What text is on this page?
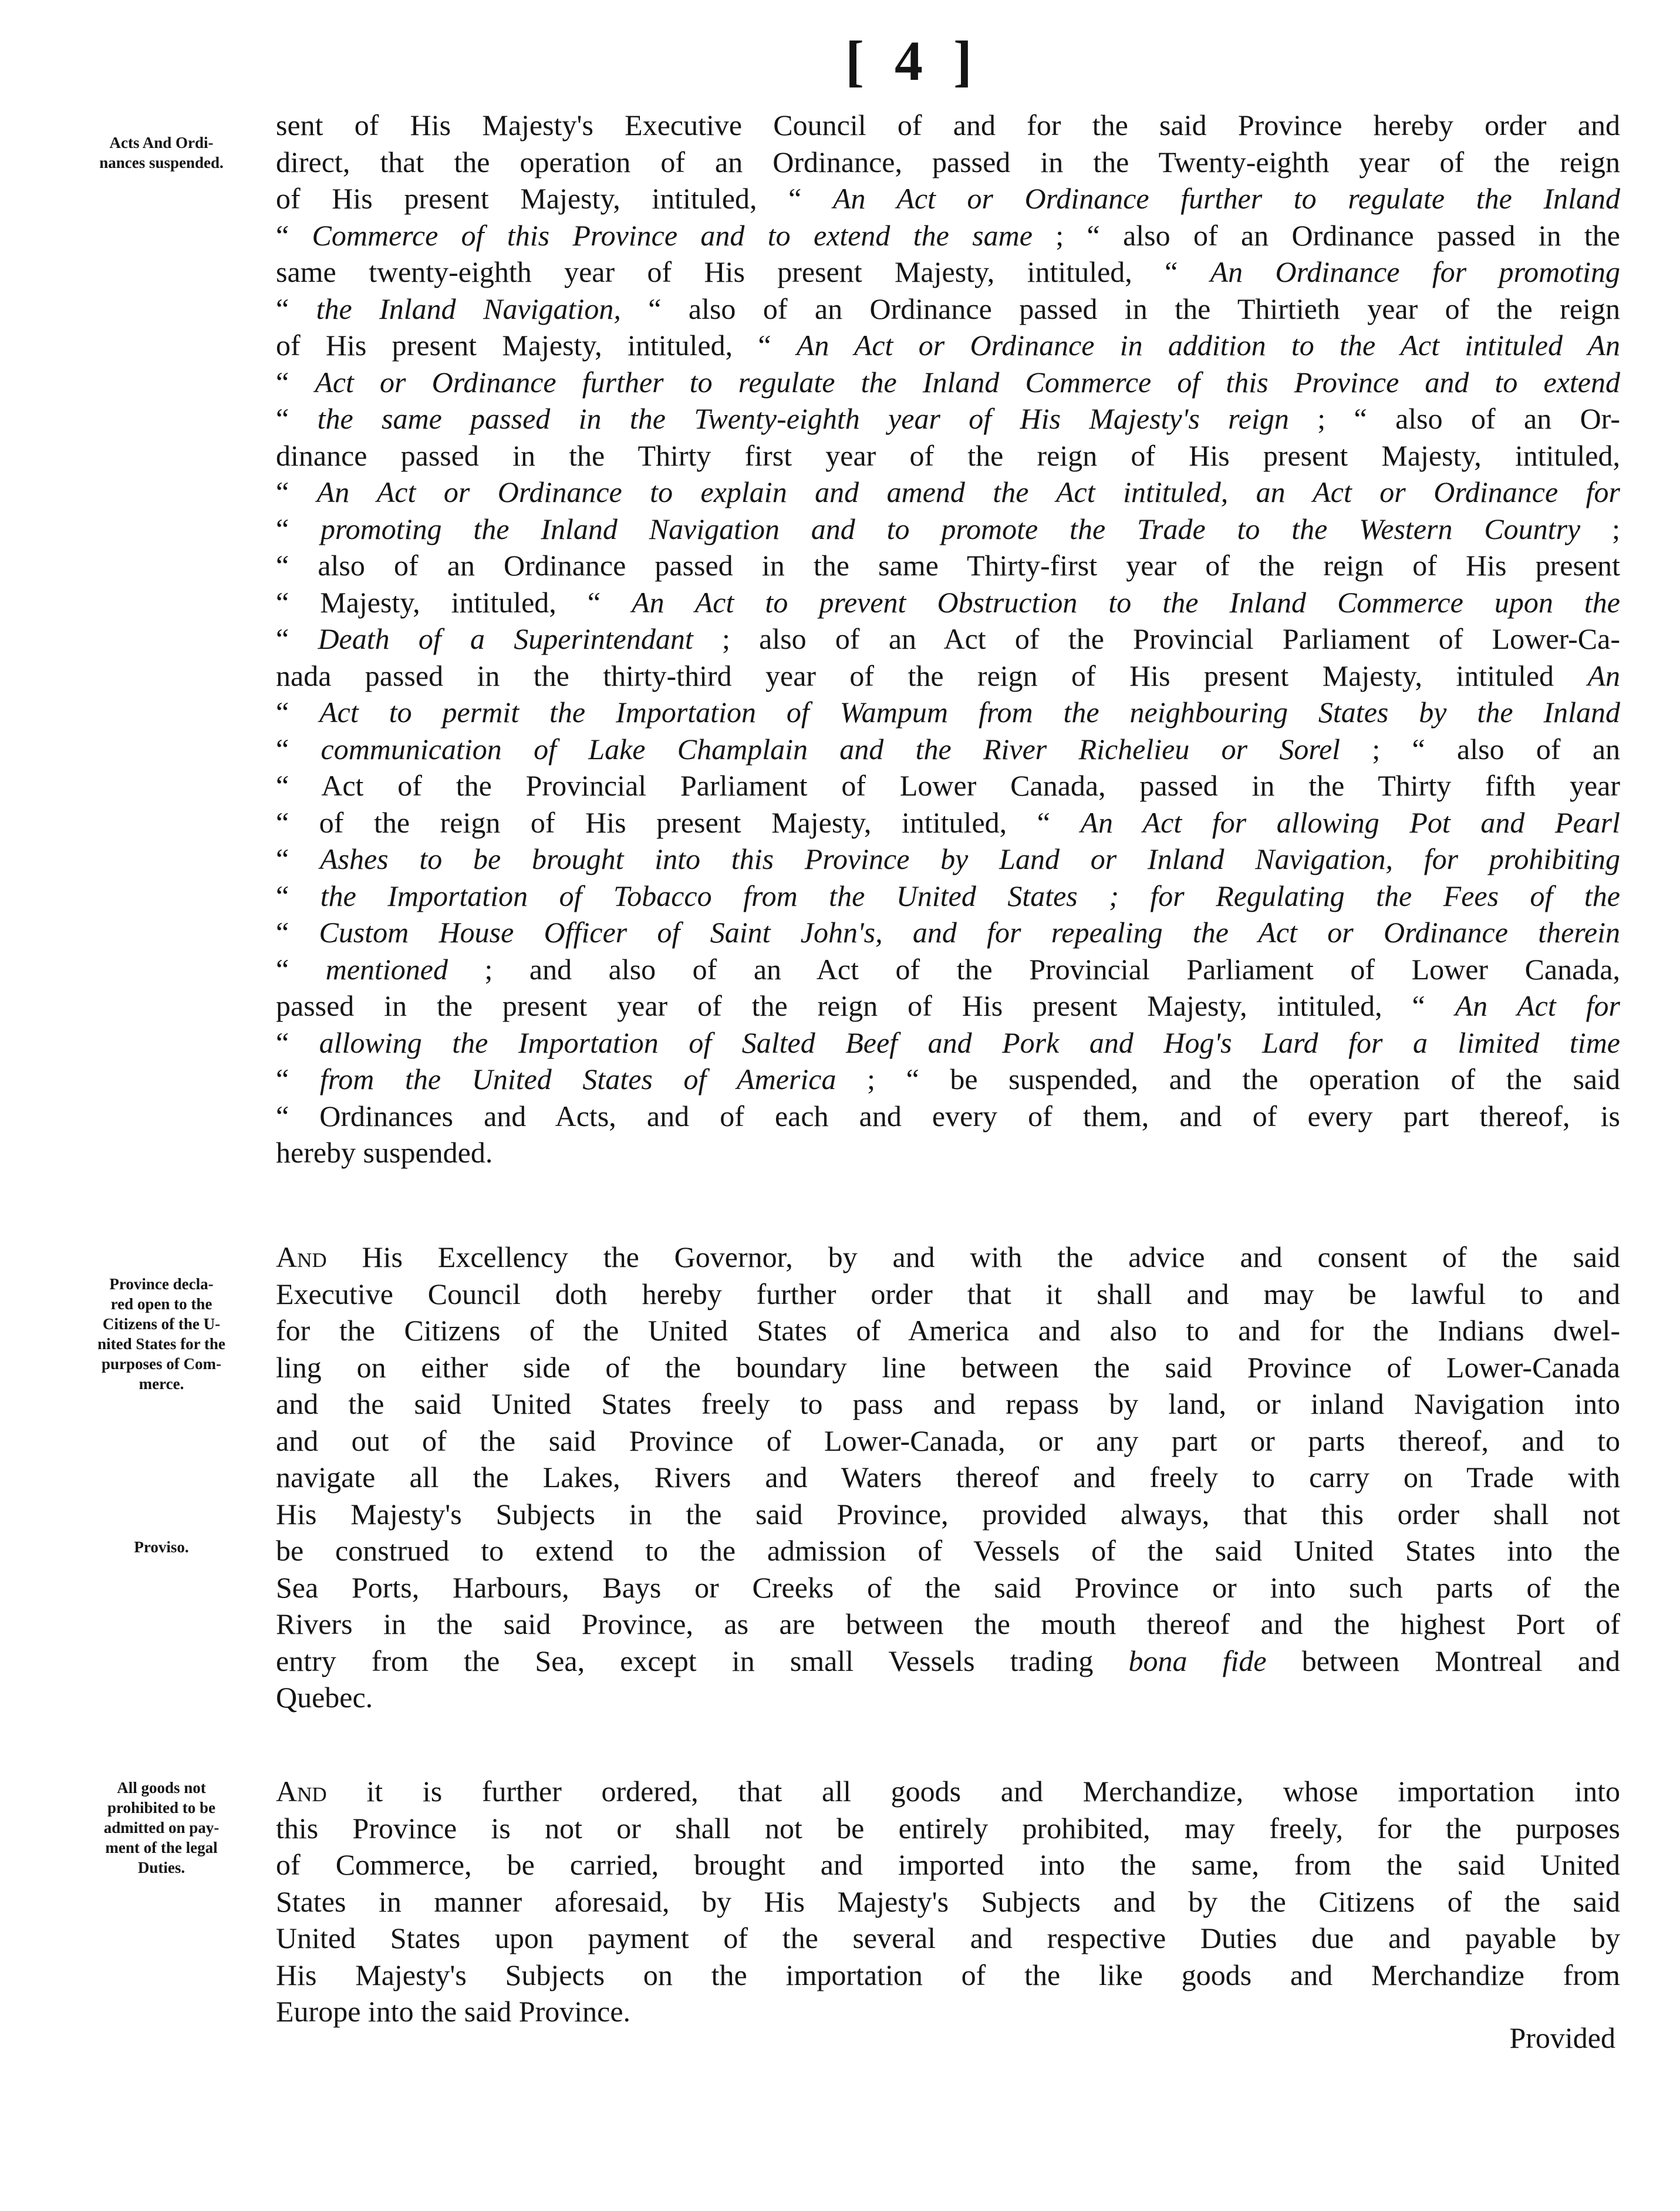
[ 4 ]
Acts And Ordi-
nances suspended.
Province decla-
red open to the
Citizens of the U-
nited States for the
purposes of Com-
merce.
Proviso.
All goods not
prohibited to be
admitted on pay-
ment of the legal
Duties.
sent of His Majesty's Executive Council of and for the said Province hereby order and
direct, that the operation of an Ordinance, passed in the Twenty-eighth year of the reign
of His present Majesty, intituled, “ An Act or Ordinance further to regulate the Inland
“ Commerce of this Province and to extend the same ; “ also of an Ordinance passed in the
same twenty-eighth year of His present Majesty, intituled, “ An Ordinance for promoting
“ the Inland Navigation, “ also of an Ordinance passed in the Thirtieth year of the reign
of His present Majesty, intituled, “ An Act or Ordinance in addition to the Act intituled An
“ Act or Ordinance further to regulate the Inland Commerce of this Province and to extend
“ the same passed in the Twenty-eighth year of His Majesty's reign ; “ also of an Or-
dinance passed in the Thirty first year of the reign of His present Majesty, intituled,
“ An Act or Ordinance to explain and amend the Act intituled, an Act or Ordinance for
“ promoting the Inland Navigation and to promote the Trade to the Western Country ;
“ also of an Ordinance passed in the same Thirty-first year of the reign of His present
“ Majesty, intituled, “ An Act to prevent Obstruction to the Inland Commerce upon the
“ Death of a Superintendant ; also of an Act of the Provincial Parliament of Lower-Ca-
nada passed in the thirty-third year of the reign of His present Majesty, intituled An
“ Act to permit the Importation of Wampum from the neighbouring States by the Inland
“ communication of Lake Champlain and the River Richelieu or Sorel ; “ also of an
“ Act of the Provincial Parliament of Lower Canada, passed in the Thirty fifth year
“ of the reign of His present Majesty, intituled, “ An Act for allowing Pot and Pearl
“ Ashes to be brought into this Province by Land or Inland Navigation, for prohibiting
“ the Importation of Tobacco from the United States ; for Regulating the Fees of the
“ Custom House Officer of Saint John's, and for repealing the Act or Ordinance therein
“ mentioned ; and also of an Act of the Provincial Parliament of Lower Canada,
passed in the present year of the reign of His present Majesty, intituled, “ An Act for
“ allowing the Importation of Salted Beef and Pork and Hog's Lard for a limited time
“ from the United States of America ; “ be suspended, and the operation of the said
“ Ordinances and Acts, and of each and every of them, and of every part thereof, is
hereby suspended.
And His Excellency the Governor, by and with the advice and consent of the said
Executive Council doth hereby further order that it shall and may be lawful to and
for the Citizens of the United States of America and also to and for the Indians dwel-
ling on either side of the boundary line between the said Province of Lower-Canada
and the said United States freely to pass and repass by land, or inland Navigation into
and out of the said Province of Lower-Canada, or any part or parts thereof, and to
navigate all the Lakes, Rivers and Waters thereof and freely to carry on Trade with
His Majesty's Subjects in the said Province, provided always, that this order shall not
be construed to extend to the admission of Vessels of the said United States into the
Sea Ports, Harbours, Bays or Creeks of the said Province or into such parts of the
Rivers in the said Province, as are between the mouth thereof and the highest Port of
entry from the Sea, except in small Vessels trading bona fide between Montreal and
Quebec.
And it is further ordered, that all goods and Merchandize, whose importation into
this Province is not or shall not be entirely prohibited, may freely, for the purposes
of Commerce, be carried, brought and imported into the same, from the said United
States in manner aforesaid, by His Majesty's Subjects and by the Citizens of the said
United States upon payment of the several and respective Duties due and payable by
His Majesty's Subjects on the importation of the like goods and Merchandize from
Europe into the said Province.
Provided
